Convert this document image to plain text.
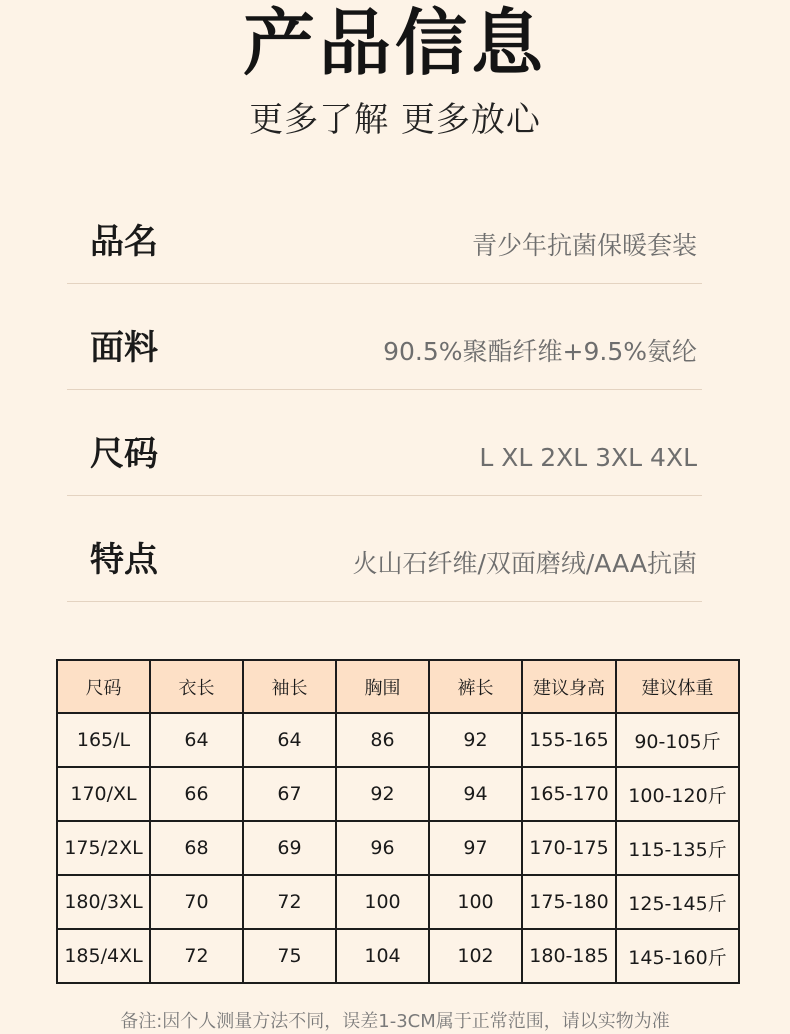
产品信息
更多了解 更多放心
品名	青少年抗菌保暖套装
面料	90.5%聚酯纤维+9.5%氨纶
尺码	L XL 2XL 3XL 4XL
特点	火山石纤维/双面磨绒/AAA抗菌
尺码	衣长	袖长	胸围	裤长	建议身高	建议体重
165/L	64	64	86	92	155-165	90-105斤
170/XL	66	67	92	94	165-170	100-120斤
175/2XL	68	69	96	97	170-175	115-135斤
180/3XL	70	72	100	100	175-180	125-145斤
185/4XL	72	75	104	102	180-185	145-160斤
备注:因个人测量方法不同，误差1-3CM属于正常范围，请以实物为准
